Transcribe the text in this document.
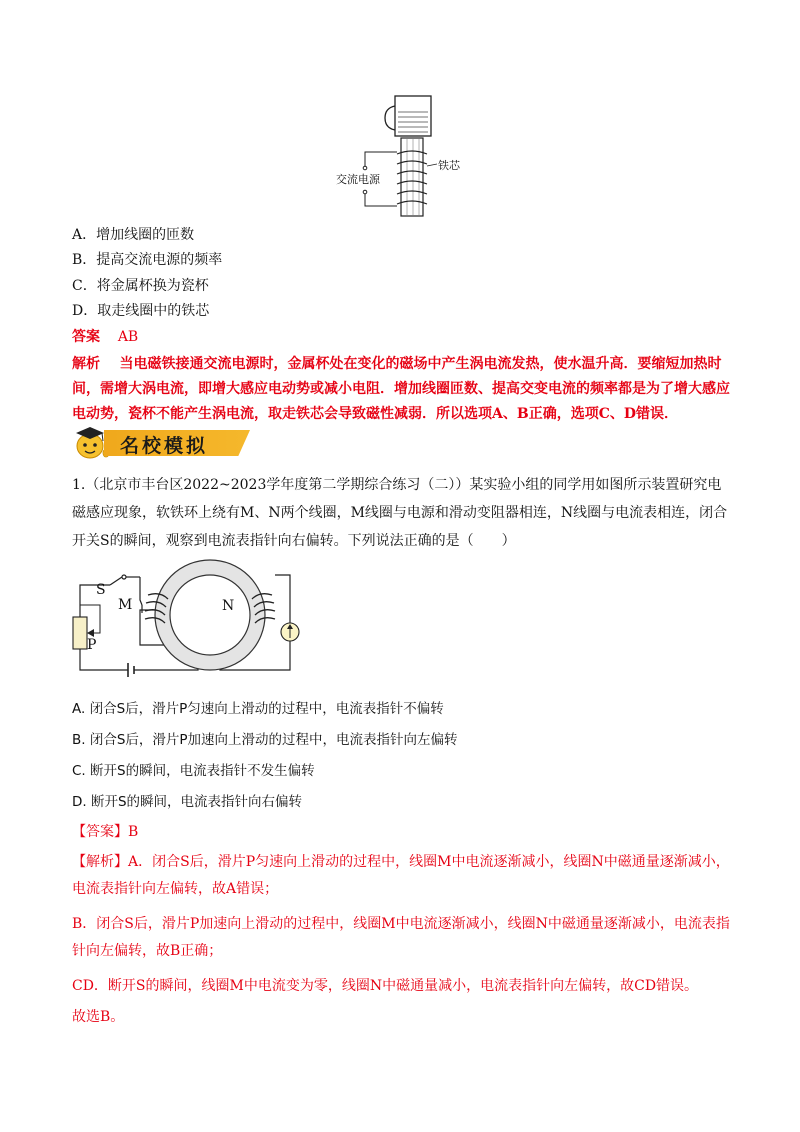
交流电源
铁芯
A．增加线圈的匝数
B．提高交流电源的频率
C．将金属杯换为瓷杯
D．取走线圈中的铁芯
答案 AB
解析 当电磁铁接通交流电源时，金属杯处在变化的磁场中产生涡电流发热，使水温升高．要缩短加热时间，需增大涡电流，即增大感应电动势或减小电阻．增加线圈匝数、提高交变电流的频率都是为了增大感应电动势，瓷杯不能产生涡电流，取走铁芯会导致磁性减弱．所以选项A、B正确，选项C、D错误．
名校模拟
1.（北京市丰台区2022~2023学年度第二学期综合练习（二））某实验小组的同学用如图所示装置研究电磁感应现象，软铁环上绕有M、N两个线圈，M线圈与电源和滑动变阻器相连，N线圈与电流表相连，闭合开关S的瞬间，观察到电流表指针向右偏转。下列说法正确的是（　　）
S
M	N
P
A. 闭合S后，滑片P匀速向上滑动的过程中，电流表指针不偏转
B. 闭合S后，滑片P加速向上滑动的过程中，电流表指针向左偏转
C. 断开S的瞬间，电流表指针不发生偏转
D. 断开S的瞬间，电流表指针向右偏转
【答案】B
【解析】A．闭合S后，滑片P匀速向上滑动的过程中，线圈M中电流逐渐减小，线圈N中磁通量逐渐减小，电流表指针向左偏转，故A错误；
B．闭合S后，滑片P加速向上滑动的过程中，线圈M中电流逐渐减小，线圈N中磁通量逐渐减小，电流表指针向左偏转，故B正确；
CD．断开S的瞬间，线圈M中电流变为零，线圈N中磁通量减小，电流表指针向左偏转，故CD错误。
故选B。
